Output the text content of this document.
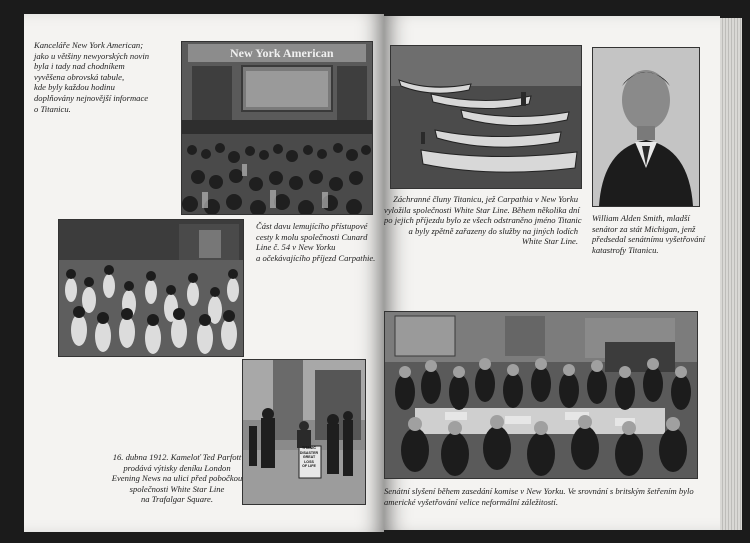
Kanceláře New York American;
jako u většiny newyorských novin
byla i tady nad chodníkem
vyvěšena obrovská tabule,
kde byly každou hodinu
doplňovány nejnovější informace
o Titanicu.
New York American
Část davu lemujícího přístupové
cesty k molu společnosti Cunard
Line č. 54 v New Yorku
a očekávajícího příjezd Carpathie.
TITANIC
DISASTER
GREAT LOSS
OF LIFE
16. dubna 1912. Kameloť Ted Parfott
prodává výtisky deníku London
Evening News na ulici před pobočkou
společnosti White Star Line
na Trafalgar Square.
Záchranné čluny Titanicu, jež Carpathia v New Yorku
vyložila společnosti White Star Line. Během několika dní
po jejich příjezdu bylo ze všech odstraněno jméno Titanic
a byly zpětně zařazeny do služby na jiných lodích
White Star Line.
William Alden Smith, mladší
senátor za stát Michigan, jenž
předsedal senátnímu vyšetřování
katastrofy Titanicu.
Senátní slyšení během zasedání komise v New Yorku. Ve srovnání s britským šetřením bylo
americké vyšetřování velice neformální záležitostí.
